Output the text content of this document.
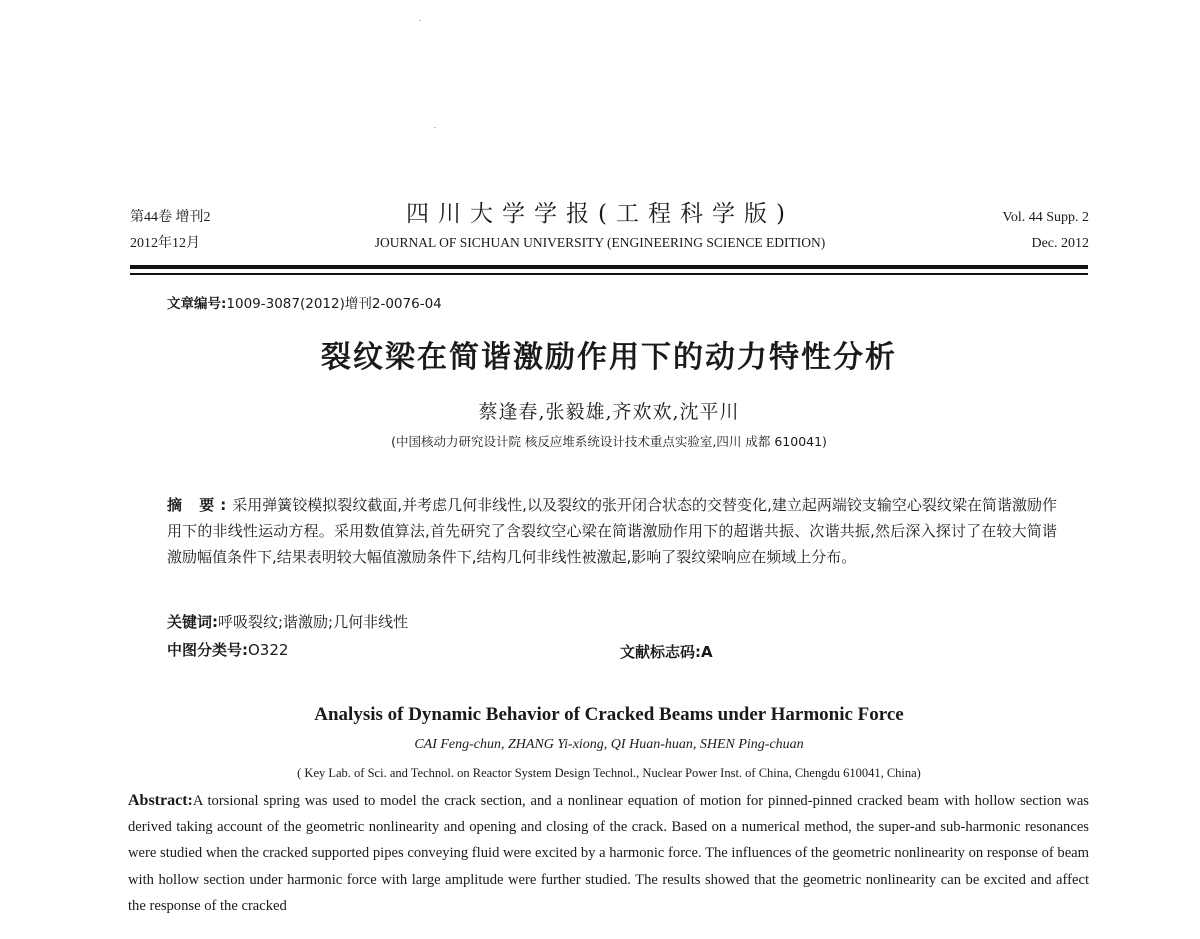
第44卷 增刊2
2012年12月
四川大学学报(工程科学版)
JOURNAL OF SICHUAN UNIVERSITY (ENGINEERING SCIENCE EDITION)
Vol. 44 Supp. 2
Dec. 2012
文章编号:1009-3087(2012)增刊2-0076-04
裂纹梁在简谐激励作用下的动力特性分析
蔡逢春,张毅雄,齐欢欢,沈平川
(中国核动力研究设计院 核反应堆系统设计技术重点实验室,四川 成都 610041)
摘 要:采用弹簧铰模拟裂纹截面,并考虑几何非线性,以及裂纹的张开闭合状态的交替变化,建立起两端铰支输空心裂纹梁在简谐激励作用下的非线性运动方程。采用数值算法,首先研究了含裂纹空心梁在简谐激励作用下的超谐共振、次谐共振,然后深入探讨了在较大简谐激励幅值条件下,结果表明较大幅值激励条件下,结构几何非线性被激起,影响了裂纹梁响应在频域上分布。
关键词:呼吸裂纹;谐激励;几何非线性
中图分类号:O322	文献标志码:A
Analysis of Dynamic Behavior of Cracked Beams under Harmonic Force
CAI Feng-chun, ZHANG Yi-xiong, QI Huan-huan, SHEN Ping-chuan
( Key Lab. of Sci. and Technol. on Reactor System Design Technol., Nuclear Power Inst. of China, Chengdu 610041, China)
Abstract:A torsional spring was used to model the crack section, and a nonlinear equation of motion for pinned-pinned cracked beam with hollow section was derived taking account of the geometric nonlinearity and opening and closing of the crack. Based on a numerical method, the super-and sub-harmonic resonances were studied when the cracked supported pipes conveying fluid were excited by a harmonic force. The influences of the geometric nonlinearity on response of beam with hollow section under harmonic force with large amplitude were further studied. The results showed that the geometric nonlinearity can be excited and affect the response of the cracked
